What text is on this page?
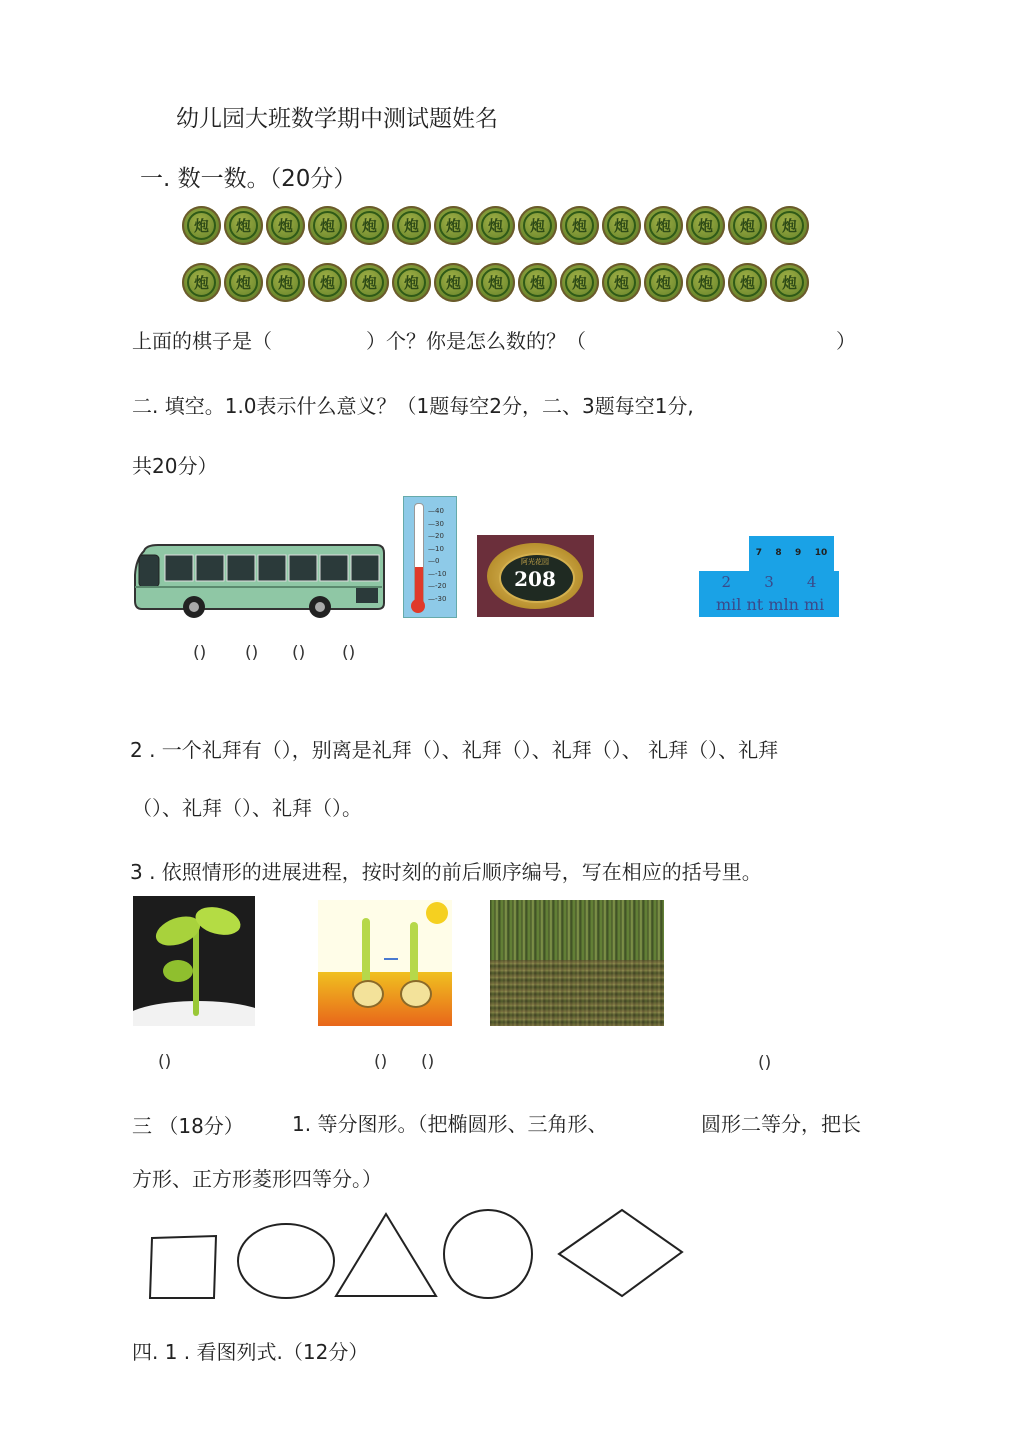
幼儿园大班数学期中测试题姓名
一. 数一数。（20分）
炮 炮 炮 炮 炮 炮 炮 炮 炮 炮 炮 炮 炮 炮 炮
炮 炮 炮 炮 炮 炮 炮 炮 炮 炮 炮 炮 炮 炮 炮
上面的棋子是（	）个？你是怎么数的？（	）
二. 填空。1.0表示什么意义？（1题每空2分，二、3题每空1分,
共20分）
—40
—30
—20
—10
—0
—-10
—-20
—-30
阿光花园
208
7 8 9 10
2 3 4
mil nt mln mi
() () () ()
2 . 一个礼拜有（），别离是礼拜（）、礼拜（）、礼拜（）、 礼拜（）、礼拜
（）、礼拜（）、礼拜（）。
3 . 依照情形的进展进程，按时刻的前后顺序编号，写在相应的括号里。
()	() ()	()
三 （18分） 1. 等分图形。（把椭圆形、三角形、	圆形二等分，把长
方形、正方形菱形四等分。）
四. 1 . 看图列式.（12分）
